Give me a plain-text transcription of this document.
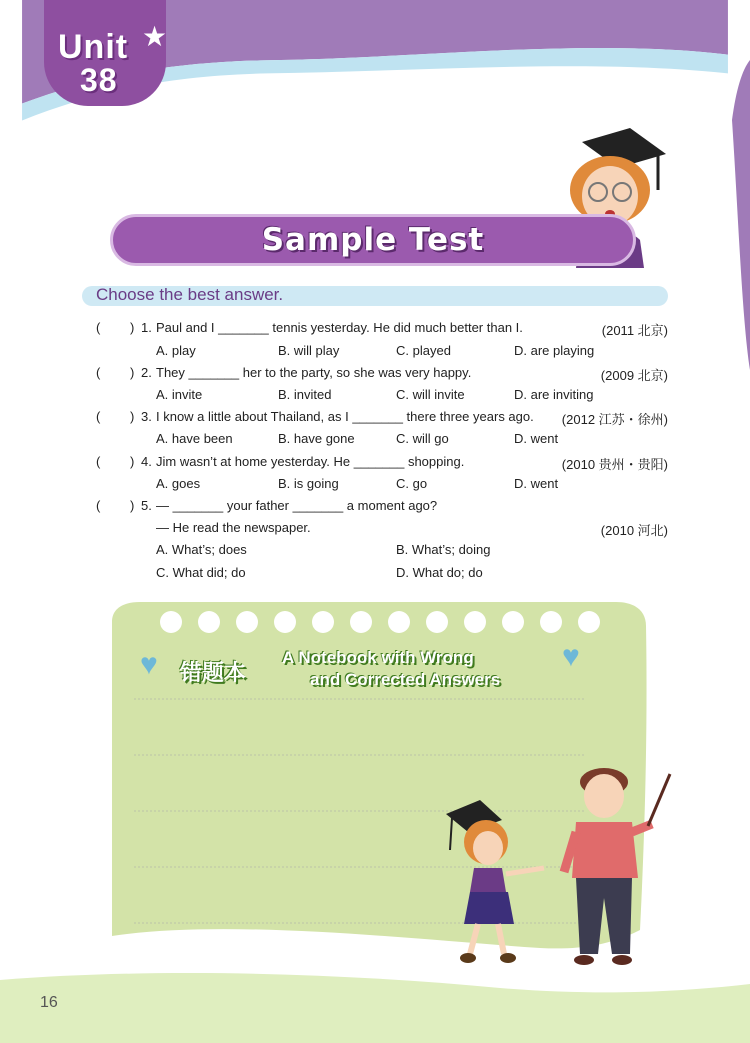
Unit
38
★
Sample Test
Choose the best answer.
( ) 1. Paul and I _______ tennis yesterday. He did much better than I.	(2011 北京)
A. play	B. will play	C. played	D. are playing
( ) 2. They _______ her to the party, so she was very happy.	(2009 北京)
A. invite	B. invited	C. will invite	D. are inviting
( ) 3. I know a little about Thailand, as I _______ there three years ago. (2012 江苏・徐州)
A. have been	B. have gone	C. will go	D. went
( ) 4. Jim wasn’t at home yesterday. He _______ shopping.	(2010 贵州・贵阳)
A. goes	B. is going	C. go	D. went
( ) 5. — _______ your father _______ a moment ago?
— He read the newspaper.	(2010 河北)
A. What’s; does	B. What’s; doing
C. What did; do	D. What do; do
♥	♥
错题本
A Notebook with Wrong
and Corrected Answers
16
